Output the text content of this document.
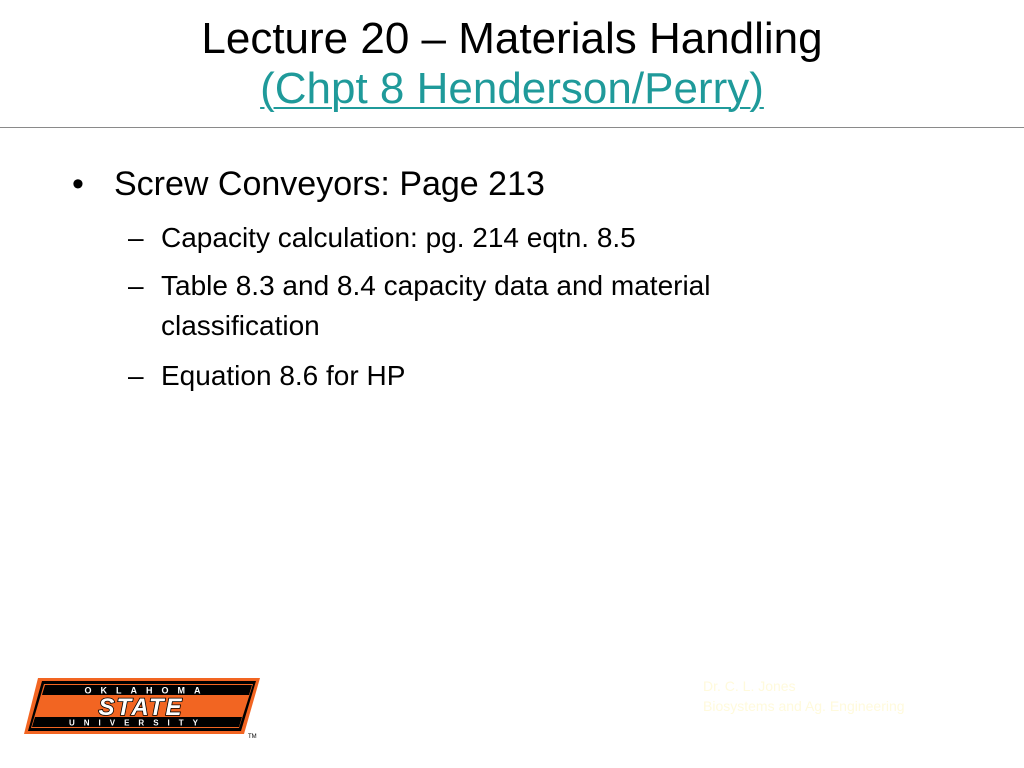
Lecture 20 – Materials Handling
(Chpt 8 Henderson/Perry)
• Screw Conveyors: Page 213
– Capacity calculation: pg. 214 eqtn. 8.5
– Table 8.3 and 8.4 capacity data and material
classification
– Equation 8.6 for HP
OKLAHOMA
STATE
UNIVERSITY
TM
Dr. C. L. Jones
Biosystems and Ag. Engineering
